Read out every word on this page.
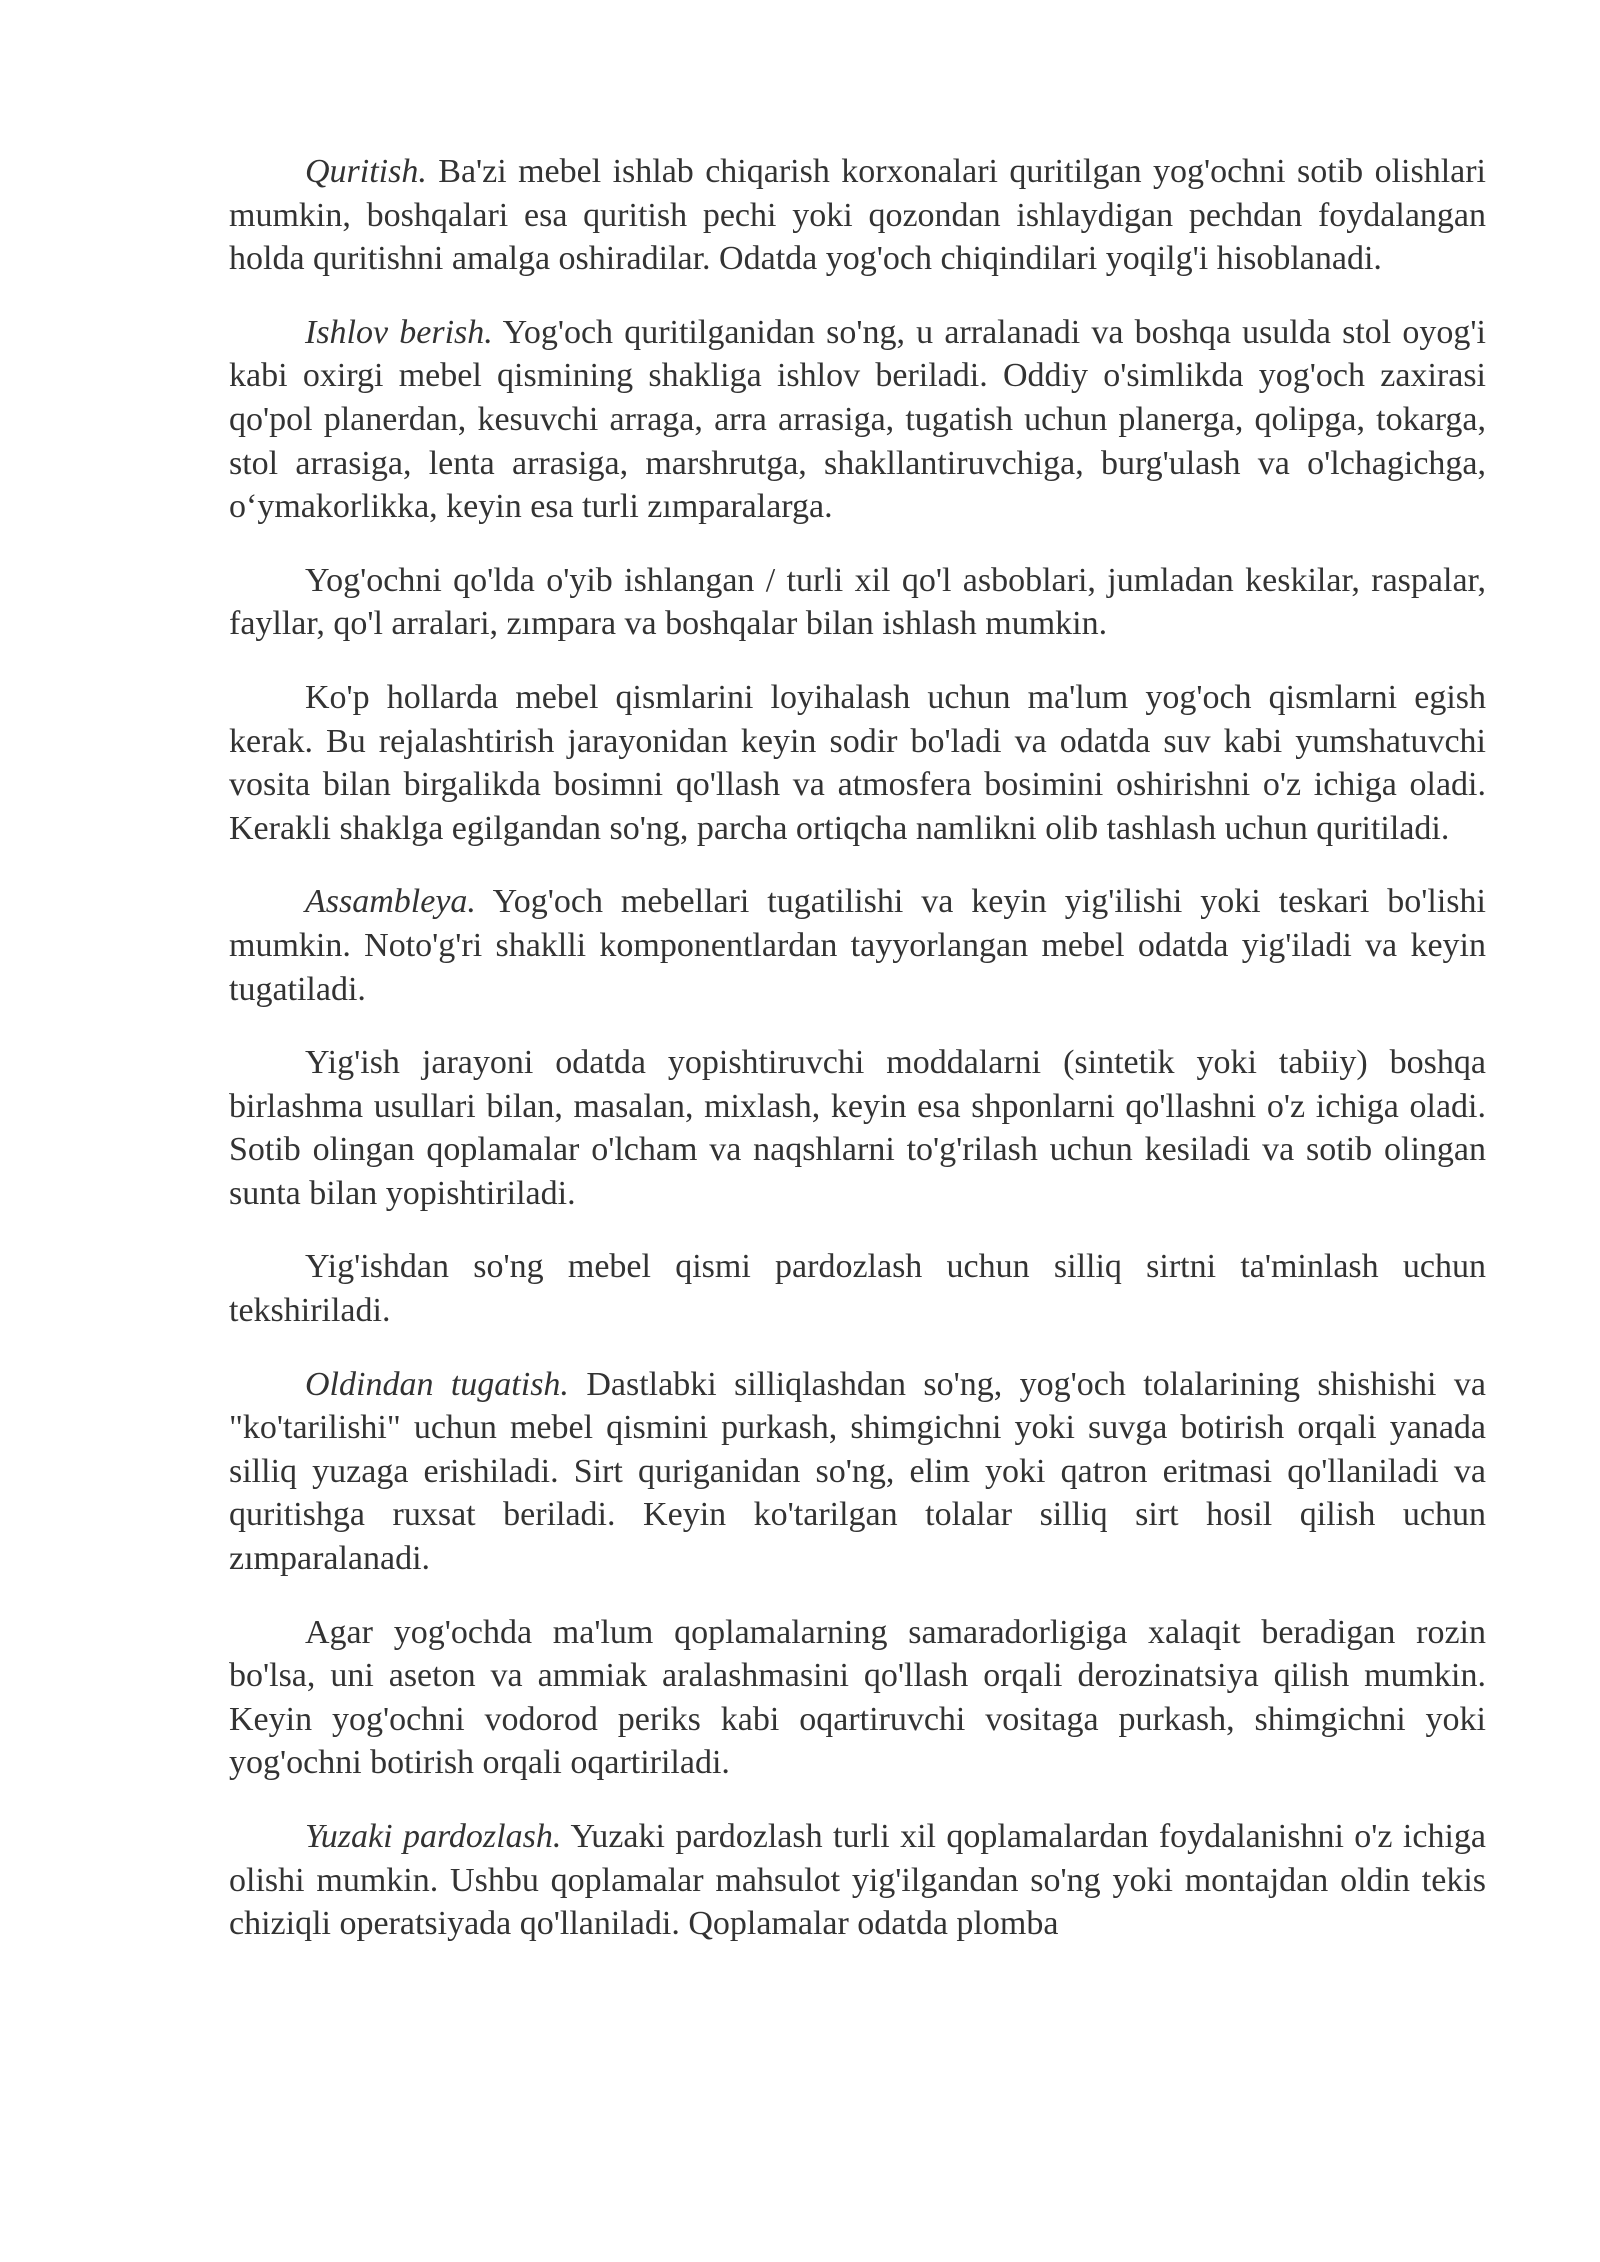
Quritish. Ba'zi mebel ishlab chiqarish korxonalari quritilgan yog'ochni sotib olishlari mumkin, boshqalari esa quritish pechi yoki qozondan ishlaydigan pechdan foydalangan holda quritishni amalga oshiradilar. Odatda yog'och chiqindilari yoqilg'i hisoblanadi.

Ishlov berish. Yog'och quritilganidan so'ng, u arralanadi va boshqa usulda stol oyog'i kabi oxirgi mebel qismining shakliga ishlov beriladi. Oddiy o'simlikda yog'och zaxirasi qo'pol planerdan, kesuvchi arraga, arra arrasiga, tugatish uchun planerga, qolipga, tokarga, stol arrasiga, lenta arrasiga, marshrutga, shakllantiruvchiga, burg'ulash va o'lchagichga, o‘ymakorlikka, keyin esa turli zımparalarga.

Yog'ochni qo'lda o'yib ishlangan / turli xil qo'l asboblari, jumladan keskilar, raspalar, fayllar, qo'l arralari, zımpara va boshqalar bilan ishlash mumkin.

Ko'p hollarda mebel qismlarini loyihalash uchun ma'lum yog'och qismlarni egish kerak. Bu rejalashtirish jarayonidan keyin sodir bo'ladi va odatda suv kabi yumshatuvchi vosita bilan birgalikda bosimni qo'llash va atmosfera bosimini oshirishni o'z ichiga oladi. Kerakli shaklga egilgandan so'ng, parcha ortiqcha namlikni olib tashlash uchun quritiladi.

Assambleya. Yog'och mebellari tugatilishi va keyin yig'ilishi yoki teskari bo'lishi mumkin. Noto'g'ri shaklli komponentlardan tayyorlangan mebel odatda yig'iladi va keyin tugatiladi.

Yig'ish jarayoni odatda yopishtiruvchi moddalarni (sintetik yoki tabiiy) boshqa birlashma usullari bilan, masalan, mixlash, keyin esa shponlarni qo'llashni o'z ichiga oladi. Sotib olingan qoplamalar o'lcham va naqshlarni to'g'rilash uchun kesiladi va sotib olingan sunta bilan yopishtiriladi.

Yig'ishdan so'ng mebel qismi pardozlash uchun silliq sirtni ta'minlash uchun tekshiriladi.

Oldindan tugatish. Dastlabki silliqlashdan so'ng, yog'och tolalarining shishishi va "ko'tarilishi" uchun mebel qismini purkash, shimgichni yoki suvga botirish orqali yanada silliq yuzaga erishiladi. Sirt quriganidan so'ng, elim yoki qatron eritmasi qo'llaniladi va quritishga ruxsat beriladi. Keyin ko'tarilgan tolalar silliq sirt hosil qilish uchun zımparalanadi.

Agar yog'ochda ma'lum qoplamalarning samaradorligiga xalaqit beradigan rozin bo'lsa, uni aseton va ammiak aralashmasini qo'llash orqali derozinatsiya qilish mumkin. Keyin yog'ochni vodorod periks kabi oqartiruvchi vositaga purkash, shimgichni yoki yog'ochni botirish orqali oqartiriladi.

Yuzaki pardozlash. Yuzaki pardozlash turli xil qoplamalardan foydalanishni o'z ichiga olishi mumkin. Ushbu qoplamalar mahsulot yig'ilgandan so'ng yoki montajdan oldin tekis chiziqli operatsiyada qo'llaniladi. Qoplamalar odatda plomba
